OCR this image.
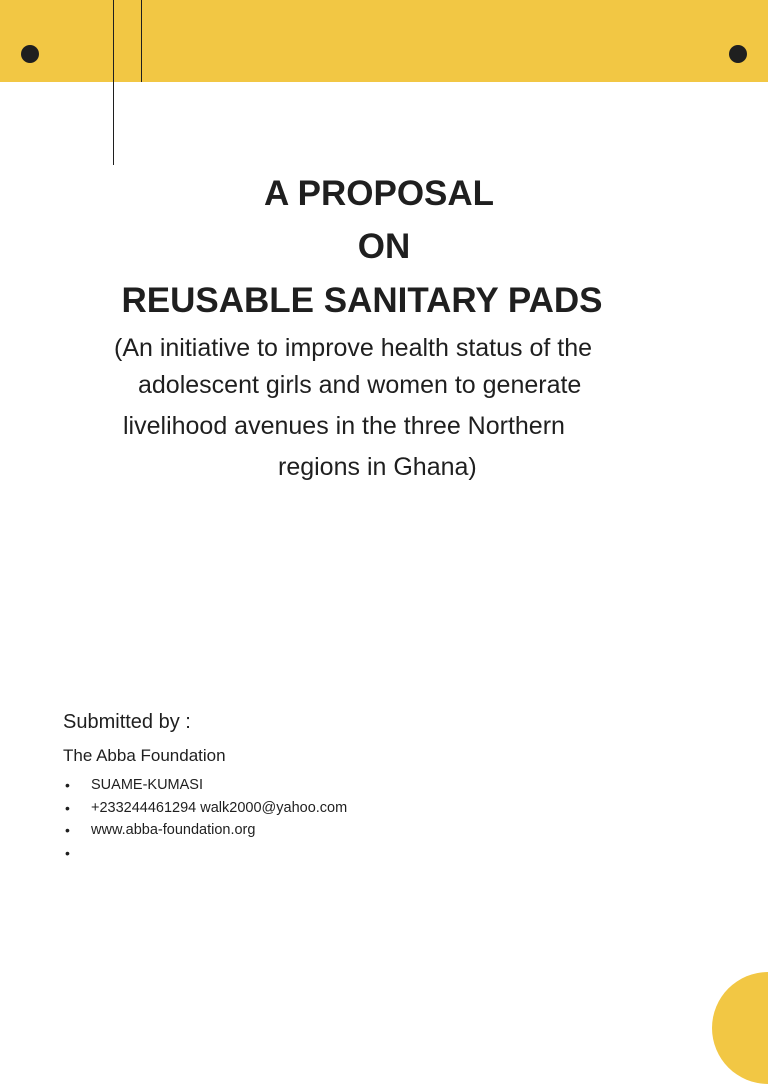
A PROPOSAL
ON
REUSABLE SANITARY PADS
(An initiative to improve health status of the
adolescent girls and women to generate
livelihood avenues in the three Northern
regions in Ghana)
Submitted by :
The Abba Foundation
• SUAME-KUMASI
• +233244461294 walk2000@yahoo.com
• www.abba-foundation.org
•
